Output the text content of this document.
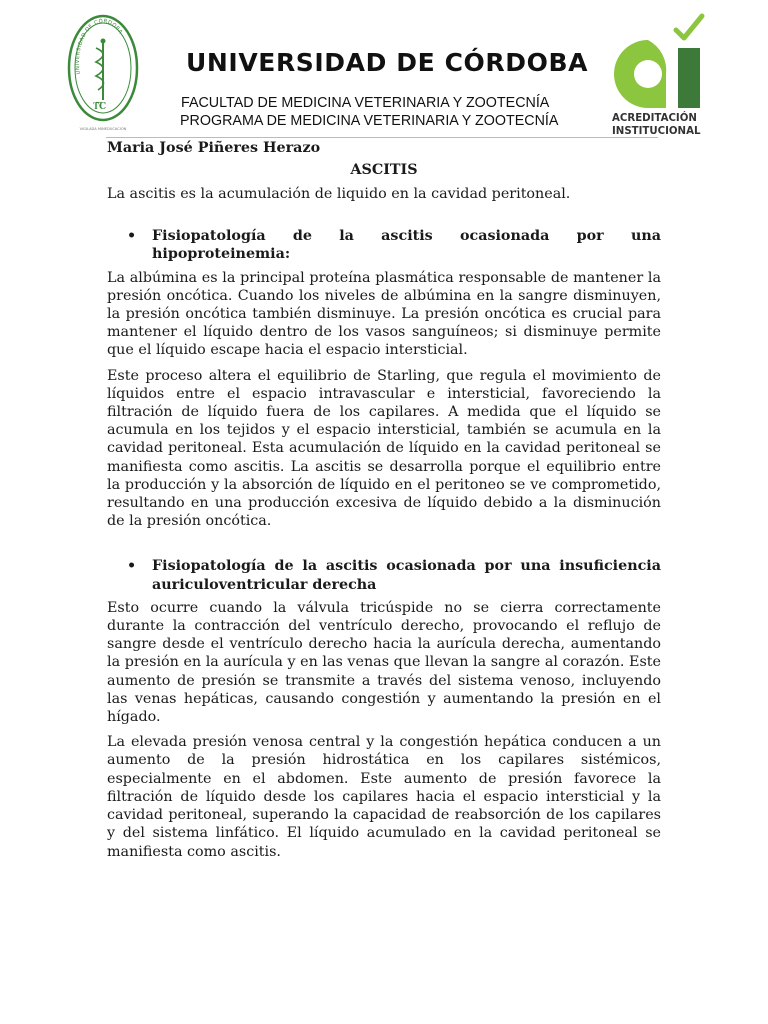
UNIVERSIDAD DE CÓRDOBA
T͞C
VIGILADA MINEDUCACIÓN
UNIVERSIDAD DE CÓRDOBA
FACULTAD DE MEDICINA VETERINARIA Y ZOOTECNÍA
PROGRAMA DE MEDICINA VETERINARIA Y ZOOTECNÍA	ACREDITACIÓN
INSTITUCIONAL
Maria José Piñeres Herazo
ASCITIS

La ascitis es la acumulación de liquido en la cavidad peritoneal.

• Fisiopatología de la ascitis ocasionada por una hipoproteinemia:

La albúmina es la principal proteína plasmática responsable de mantener la presión oncótica. Cuando los niveles de albúmina en la sangre disminuyen, la presión oncótica también disminuye. La presión oncótica es crucial para mantener el líquido dentro de los vasos sanguíneos; si disminuye permite que el líquido escape hacia el espacio intersticial.

Este proceso altera el equilibrio de Starling, que regula el movimiento de líquidos entre el espacio intravascular e intersticial, favoreciendo la filtración de líquido fuera de los capilares. A medida que el líquido se acumula en los tejidos y el espacio intersticial, también se acumula en la cavidad peritoneal. Esta acumulación de líquido en la cavidad peritoneal se manifiesta como ascitis. La ascitis se desarrolla porque el equilibrio entre la producción y la absorción de líquido en el peritoneo se ve comprometido, resultando en una producción excesiva de líquido debido a la disminución de la presión oncótica.

• Fisiopatología de la ascitis ocasionada por una insuficiencia auriculoventricular derecha

Esto ocurre cuando la válvula tricúspide no se cierra correctamente durante la contracción del ventrículo derecho, provocando el reflujo de sangre desde el ventrículo derecho hacia la aurícula derecha, aumentando la presión en la aurícula y en las venas que llevan la sangre al corazón. Este aumento de presión se transmite a través del sistema venoso, incluyendo las venas hepáticas, causando congestión y aumentando la presión en el hígado.

La elevada presión venosa central y la congestión hepática conducen a un aumento de la presión hidrostática en los capilares sistémicos, especialmente en el abdomen. Este aumento de presión favorece la filtración de líquido desde los capilares hacia el espacio intersticial y la cavidad peritoneal, superando la capacidad de reabsorción de los capilares y del sistema linfático. El líquido acumulado en la cavidad peritoneal se manifiesta como ascitis.
